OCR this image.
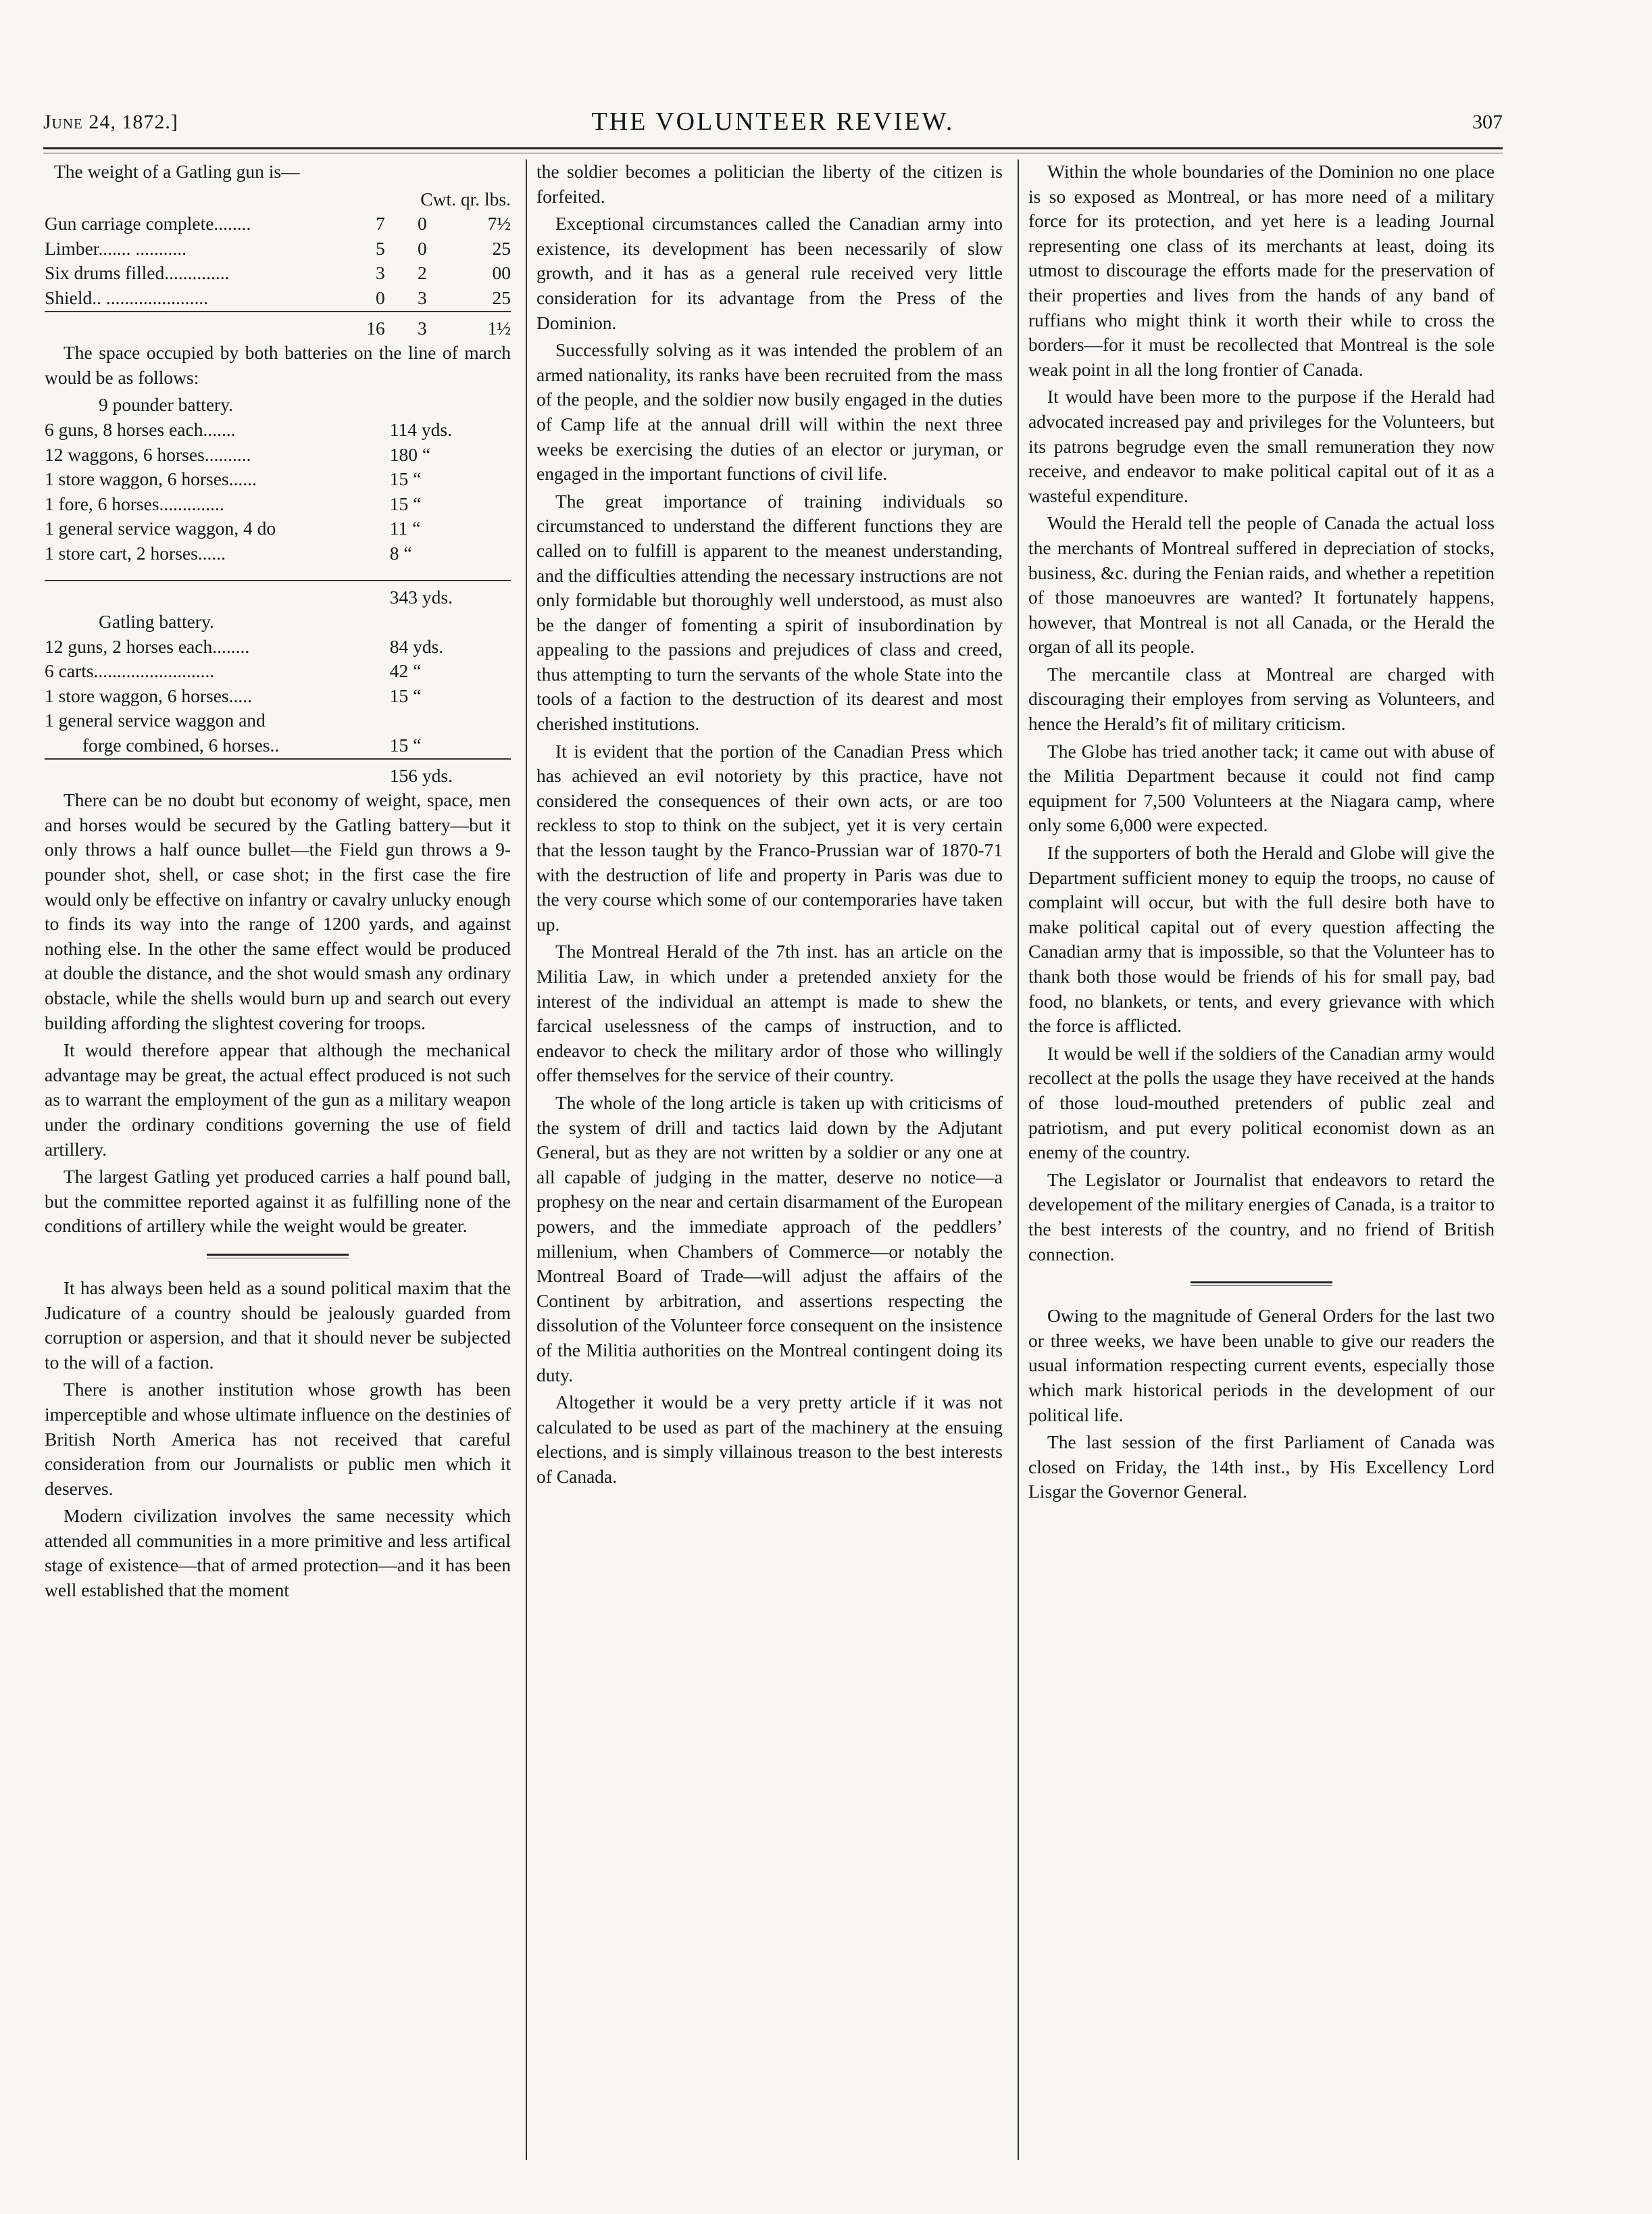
June 24, 1872.]	THE VOLUNTEER REVIEW.	307

The weight of a Gatling gun is—

	Cwt. qr. lbs.		
Gun carriage complete........	7	0	7½
Limber....... ...........	5	0	25
Six drums filled..............	3	2	00
Shield.. ......................	0	3	25
	16	3	1½

The space occupied by both batteries on the line of march would be as follows:

9 pounder battery.
6 guns, 8 horses each.......	114 yds.
12 waggons, 6 horses..........	180 “
1 store waggon, 6 horses......	15 “
1 fore, 6 horses..............	15 “
1 general service waggon, 4 do	11 “
1 store cart, 2 horses......	8 “

	343 yds.
Gatling battery.
12 guns, 2 horses each........	84 yds.
6 carts..........................	42 “
1 store waggon, 6 horses.....	15 “
1 general service waggon and	
forge combined, 6 horses..	15 “
	156 yds.

There can be no doubt but economy of weight, space, men and horses would be secured by the Gatling battery—but it only throws a half ounce bullet—the Field gun throws a 9-pounder shot, shell, or case shot; in the first case the fire would only be effective on infantry or cavalry unlucky enough to finds its way into the range of 1200 yards, and against nothing else. In the other the same effect would be produced at double the distance, and the shot would smash any ordinary obstacle, while the shells would burn up and search out every building affording the slightest covering for troops.

It would therefore appear that although the mechanical advantage may be great, the actual effect produced is not such as to warrant the employment of the gun as a military weapon under the ordinary conditions governing the use of field artillery.

The largest Gatling yet produced carries a half pound ball, but the committee reported against it as fulfilling none of the conditions of artillery while the weight would be greater.

It has always been held as a sound political maxim that the Judicature of a country should be jealously guarded from corruption or aspersion, and that it should never be subjected to the will of a faction.

There is another institution whose growth has been imperceptible and whose ultimate influence on the destinies of British North America has not received that careful consideration from our Journalists or public men which it deserves.

Modern civilization involves the same necessity which attended all communities in a more primitive and less artifical stage of existence—that of armed protection—and it has been well established that the moment

the soldier becomes a politician the liberty of the citizen is forfeited.

Exceptional circumstances called the Canadian army into existence, its development has been necessarily of slow growth, and it has as a general rule received very little consideration for its advantage from the Press of the Dominion.

Successfully solving as it was intended the problem of an armed nationality, its ranks have been recruited from the mass of the people, and the soldier now busily engaged in the duties of Camp life at the annual drill will within the next three weeks be exercising the duties of an elector or juryman, or engaged in the important functions of civil life.

The great importance of training individuals so circumstanced to understand the different functions they are called on to fulfill is apparent to the meanest understanding, and the difficulties attending the necessary instructions are not only formidable but thoroughly well understood, as must also be the danger of fomenting a spirit of insubordination by appealing to the passions and prejudices of class and creed, thus attempting to turn the servants of the whole State into the tools of a faction to the destruction of its dearest and most cherished institutions.

It is evident that the portion of the Canadian Press which has achieved an evil notoriety by this practice, have not considered the consequences of their own acts, or are too reckless to stop to think on the subject, yet it is very certain that the lesson taught by the Franco-Prussian war of 1870-71 with the destruction of life and property in Paris was due to the very course which some of our contemporaries have taken up.

The Montreal Herald of the 7th inst. has an article on the Militia Law, in which under a pretended anxiety for the interest of the individual an attempt is made to shew the farcical uselessness of the camps of instruction, and to endeavor to check the military ardor of those who willingly offer themselves for the service of their country.

The whole of the long article is taken up with criticisms of the system of drill and tactics laid down by the Adjutant General, but as they are not written by a soldier or any one at all capable of judging in the matter, deserve no notice—a prophesy on the near and certain disarmament of the European powers, and the immediate approach of the peddlers’ millenium, when Chambers of Commerce—or notably the Montreal Board of Trade—will adjust the affairs of the Continent by arbitration, and assertions respecting the dissolution of the Volunteer force consequent on the insistence of the Militia authorities on the Montreal contingent doing its duty.

Altogether it would be a very pretty article if it was not calculated to be used as part of the machinery at the ensuing elections, and is simply villainous treason to the best interests of Canada.

Within the whole boundaries of the Dominion no one place is so exposed as Montreal, or has more need of a military force for its protection, and yet here is a leading Journal representing one class of its merchants at least, doing its utmost to discourage the efforts made for the preservation of their properties and lives from the hands of any band of ruffians who might think it worth their while to cross the borders—for it must be recollected that Montreal is the sole weak point in all the long frontier of Canada.

It would have been more to the purpose if the Herald had advocated increased pay and privileges for the Volunteers, but its patrons begrudge even the small remuneration they now receive, and endeavor to make political capital out of it as a wasteful expenditure.

Would the Herald tell the people of Canada the actual loss the merchants of Montreal suffered in depreciation of stocks, business, &c. during the Fenian raids, and whether a repetition of those manoeuvres are wanted? It fortunately happens, however, that Montreal is not all Canada, or the Herald the organ of all its people.

The mercantile class at Montreal are charged with discouraging their employes from serving as Volunteers, and hence the Herald’s fit of military criticism.

The Globe has tried another tack; it came out with abuse of the Militia Department because it could not find camp equipment for 7,500 Volunteers at the Niagara camp, where only some 6,000 were expected.

If the supporters of both the Herald and Globe will give the Department sufficient money to equip the troops, no cause of complaint will occur, but with the full desire both have to make political capital out of every question affecting the Canadian army that is impossible, so that the Volunteer has to thank both those would be friends of his for small pay, bad food, no blankets, or tents, and every grievance with which the force is afflicted.

It would be well if the soldiers of the Canadian army would recollect at the polls the usage they have received at the hands of those loud-mouthed pretenders of public zeal and patriotism, and put every political economist down as an enemy of the country.

The Legislator or Journalist that endeavors to retard the developement of the military energies of Canada, is a traitor to the best interests of the country, and no friend of British connection.

Owing to the magnitude of General Orders for the last two or three weeks, we have been unable to give our readers the usual information respecting current events, especially those which mark historical periods in the development of our political life.

The last session of the first Parliament of Canada was closed on Friday, the 14th inst., by His Excellency Lord Lisgar the Governor General.
